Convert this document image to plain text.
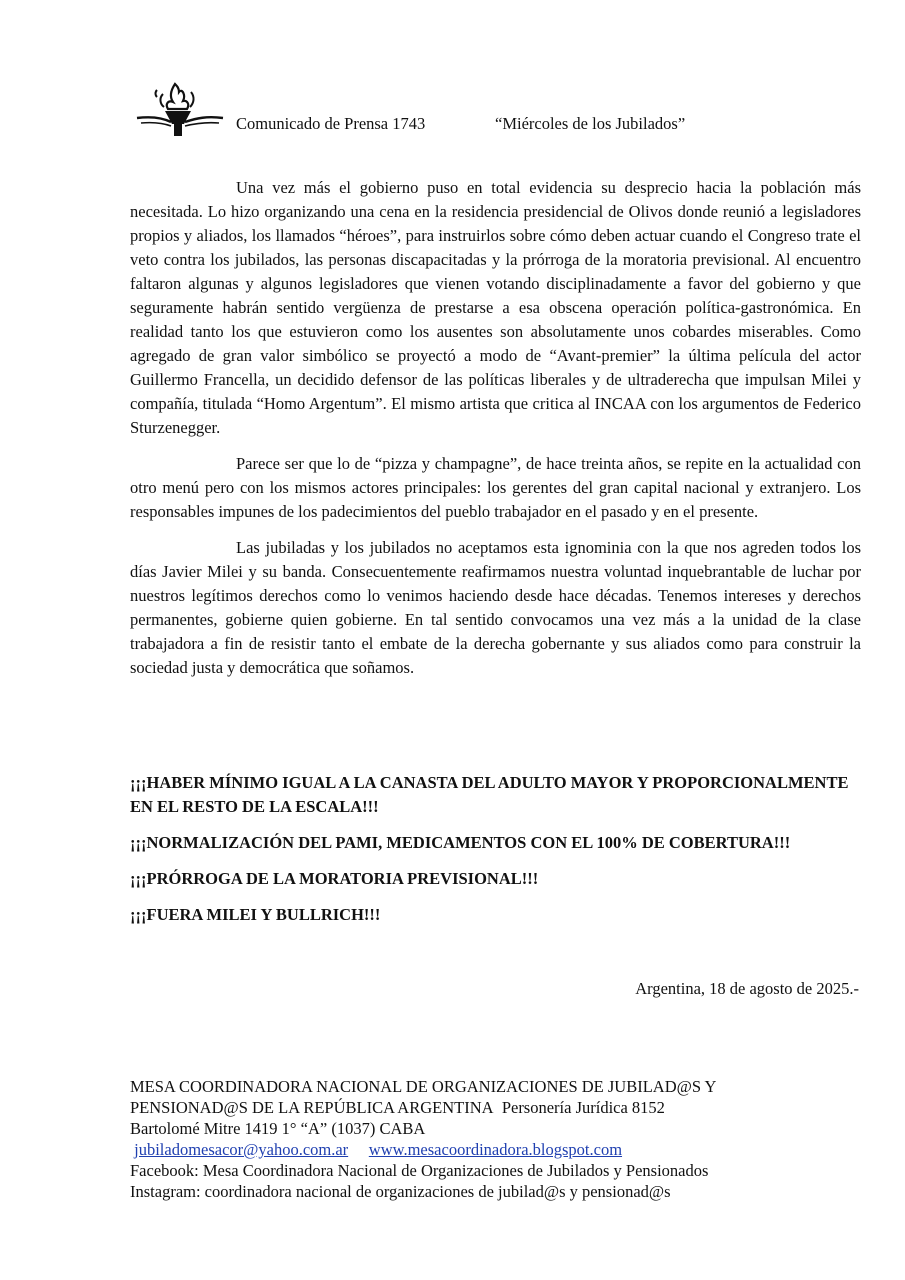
Comunicado de Prensa 1743	“Miércoles de los Jubilados”

Una vez más el gobierno puso en total evidencia su desprecio hacia la población más necesitada. Lo hizo organizando una cena en la residencia presidencial de Olivos donde reunió a legisladores propios y aliados, los llamados “héroes”, para instruirlos sobre cómo deben actuar cuando el Congreso trate el veto contra los jubilados, las personas discapacitadas y la prórroga de la moratoria previsional. Al encuentro faltaron algunas y algunos legisladores que vienen votando disciplinadamente a favor del gobierno y que seguramente habrán sentido vergüenza de prestarse a esa obscena operación política-gastronómica. En realidad tanto los que estuvieron como los ausentes son absolutamente unos cobardes miserables. Como agregado de gran valor simbólico se proyectó a modo de “Avant-premier” la última película del actor Guillermo Francella, un decidido defensor de las políticas liberales y de ultraderecha que impulsan Milei y compañía, titulada “Homo Argentum”. El mismo artista que critica al INCAA con los argumentos de Federico Sturzenegger.

Parece ser que lo de “pizza y champagne”, de hace treinta años, se repite en la actualidad con otro menú pero con los mismos actores principales: los gerentes del gran capital nacional y extranjero. Los responsables impunes de los padecimientos del pueblo trabajador en el pasado y en el presente.

Las jubiladas y los jubilados no aceptamos esta ignominia con la que nos agreden todos los días Javier Milei y su banda. Consecuentemente reafirmamos nuestra voluntad inquebrantable de luchar por nuestros legítimos derechos como lo venimos haciendo desde hace décadas. Tenemos intereses y derechos permanentes, gobierne quien gobierne. En tal sentido convocamos una vez más a la unidad de la clase trabajadora a fin de resistir tanto el embate de la derecha gobernante y sus aliados como para construir la sociedad justa y democrática que soñamos.

¡¡¡HABER MÍNIMO IGUAL A LA CANASTA DEL ADULTO MAYOR Y PROPORCIONALMENTE EN EL RESTO DE LA ESCALA!!!

¡¡¡NORMALIZACIÓN DEL PAMI, MEDICAMENTOS CON EL 100% DE COBERTURA!!!

¡¡¡PRÓRROGA DE LA MORATORIA PREVISIONAL!!!

¡¡¡FUERA MILEI Y BULLRICH!!!

Argentina, 18 de agosto de 2025.-
MESA COORDINADORA NACIONAL DE ORGANIZACIONES DE JUBILAD@S Y
PENSIONAD@S DE LA REPÚBLICA ARGENTINA Personería Jurídica 8152
Bartolomé Mitre 1419 1° “A” (1037) CABA
jubiladomesacor@yahoo.com.ar www.mesacoordinadora.blogspot.com
Facebook: Mesa Coordinadora Nacional de Organizaciones de Jubilados y Pensionados
Instagram: coordinadora nacional de organizaciones de jubilad@s y pensionad@s
